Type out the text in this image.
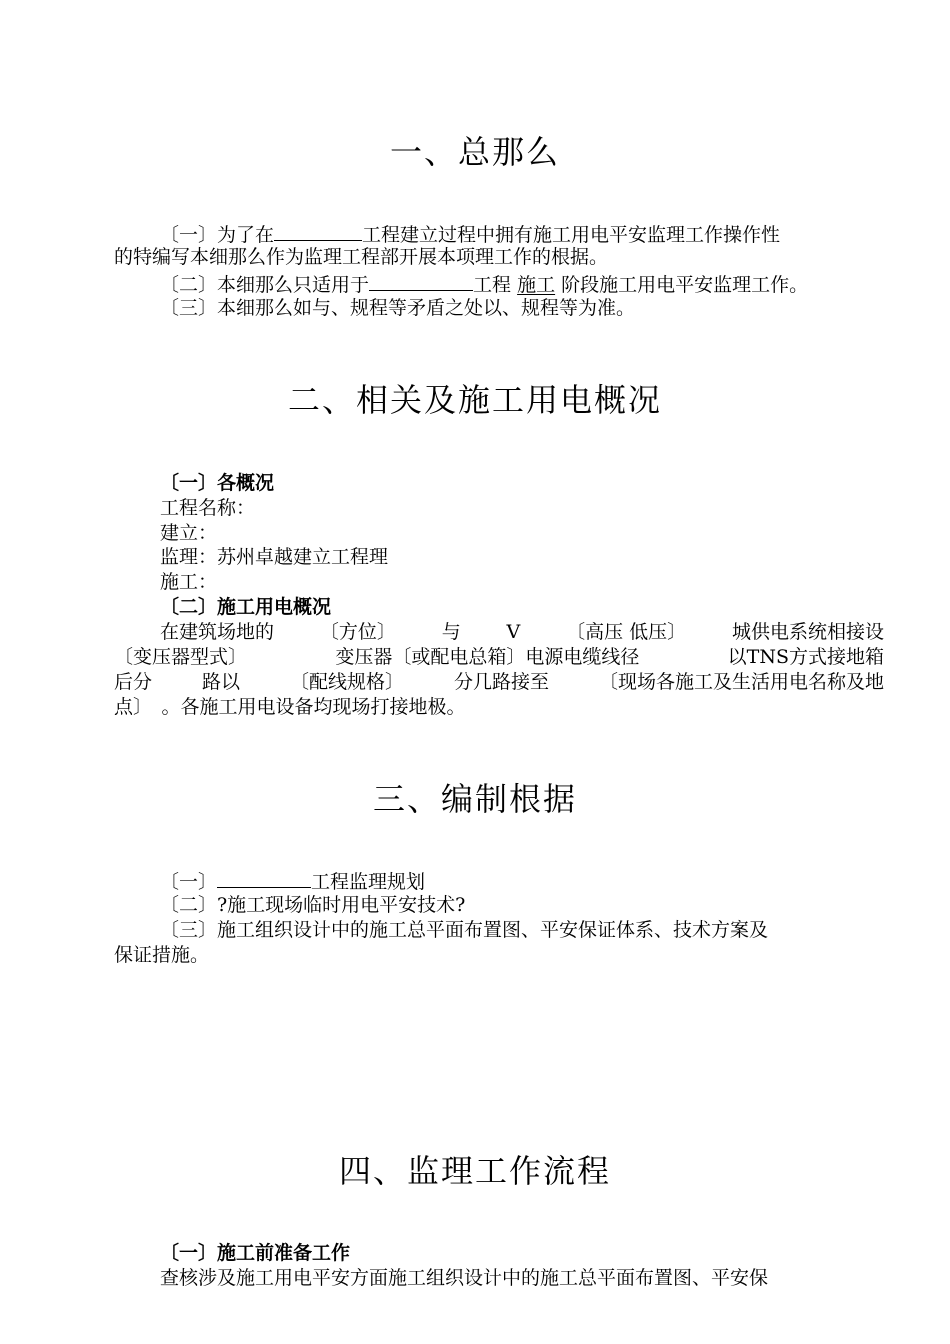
一、总那么
〔一〕为了在	工程建立过程中拥有施工用电平安监理工作操作性
的特编写本细那么作为监理工程部开展本项理工作的根据。
〔二〕本细那么只适用于	工程 施工 阶段施工用电平安监理工作。
〔三〕本细那么如与、规程等矛盾之处以、规程等为准。
二、相关及施工用电概况
〔一〕各概况
工程名称：
建立：
监理：苏州卓越建立工程理
施工：
〔二〕施工用电概况
在建筑场地的 〔方位〕 与 V 〔高压 低压〕 城供电系统相接设
〔变压器型式〕	变压器〔或配电总箱〕电源电缆线径	以TNS方式接地箱
后分	路以	〔配线规格〕	分几路接至	〔现场各施工及生活用电名称及地
点〕　。各施工用电设备均现场打接地极。
三、编制根据
〔一〕	工程监理规划
〔二〕?施工现场临时用电平安技术?
〔三〕施工组织设计中的施工总平面布置图、平安保证体系、技术方案及
保证措施。
四、监理工作流程
〔一〕施工前准备工作
查核涉及施工用电平安方面施工组织设计中的施工总平面布置图、平安保
